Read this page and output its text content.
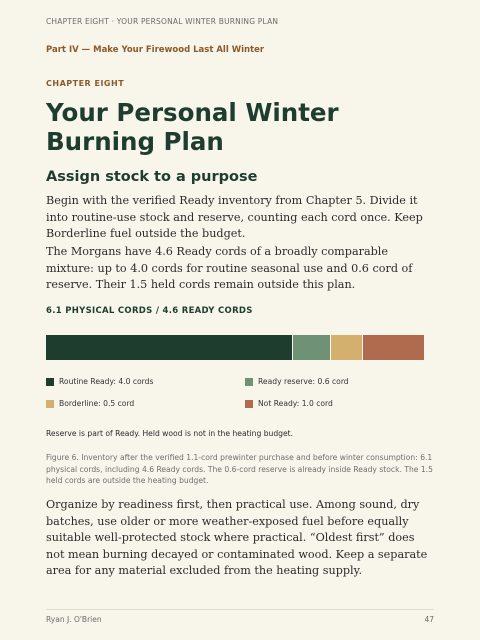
CHAPTER EIGHT · YOUR PERSONAL WINTER BURNING PLAN
Part IV — Make Your Firewood Last All Winter
CHAPTER EIGHT
Your Personal Winter Burning Plan
Assign stock to a purpose

Begin with the verified Ready inventory from Chapter 5. Divide it into routine-use stock and reserve, counting each cord once. Keep Borderline fuel outside the budget.

The Morgans have 4.6 Ready cords of a broadly comparable mixture: up to 4.0 cords for routine seasonal use and 0.6 cord of reserve. Their 1.5 held cords remain outside this plan.

6.1 PHYSICAL CORDS / 4.6 READY CORDS
Routine Ready: 4.0 cords	Ready reserve: 0.6 cord
Borderline: 0.5 cord	Not Ready: 1.0 cord
Reserve is part of Ready. Held wood is not in the heating budget.

Figure 6. Inventory after the verified 1.1-cord prewinter purchase and before winter consumption: 6.1 physical cords, including 4.6 Ready cords. The 0.6-cord reserve is already inside Ready stock. The 1.5 held cords are outside the heating budget.

Organize by readiness first, then practical use. Among sound, dry batches, use older or more weather-exposed fuel before equally suitable well-protected stock where practical. “Oldest first” does not mean burning decayed or contaminated wood. Keep a separate area for any material excluded from the heating supply.

Ryan J. O'Brien	47
